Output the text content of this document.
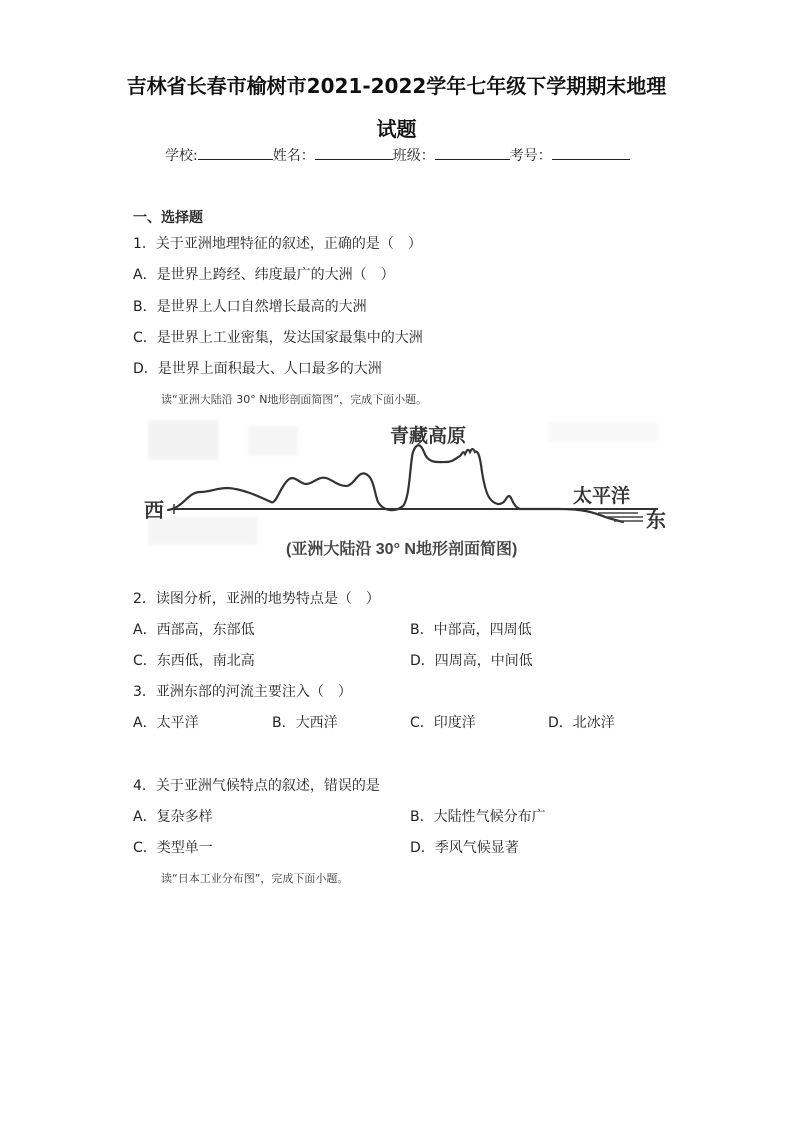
吉林省长春市榆树市2021-2022学年七年级下学期期末地理
试题
学校:	姓名：	班级：	考号：
一、选择题
1．关于亚洲地理特征的叙述，正确的是（　）
A．是世界上跨经、纬度最广的大洲（　）
B．是世界上人口自然增长最高的大洲
C．是世界上工业密集，发达国家最集中的大洲
D．是世界上面积最大、人口最多的大洲
读“亚洲大陆沿 30° N地形剖面简图”，完成下面小题。
青藏高原
西
太平洋
东
(亚洲大陆沿 30° N地形剖面简图)
2．读图分析，亚洲的地势特点是（　）
A．西部高，东部低	B．中部高，四周低
C．东西低，南北高	D．四周高，中间低
3．亚洲东部的河流主要注入（　）
A．太平洋	B．大西洋	C．印度洋	D．北冰洋
4．关于亚洲气候特点的叙述，错误的是
A．复杂多样	B．大陆性气候分布广
C．类型单一	D．季风气候显著
读“日本工业分布图”，完成下面小题。
